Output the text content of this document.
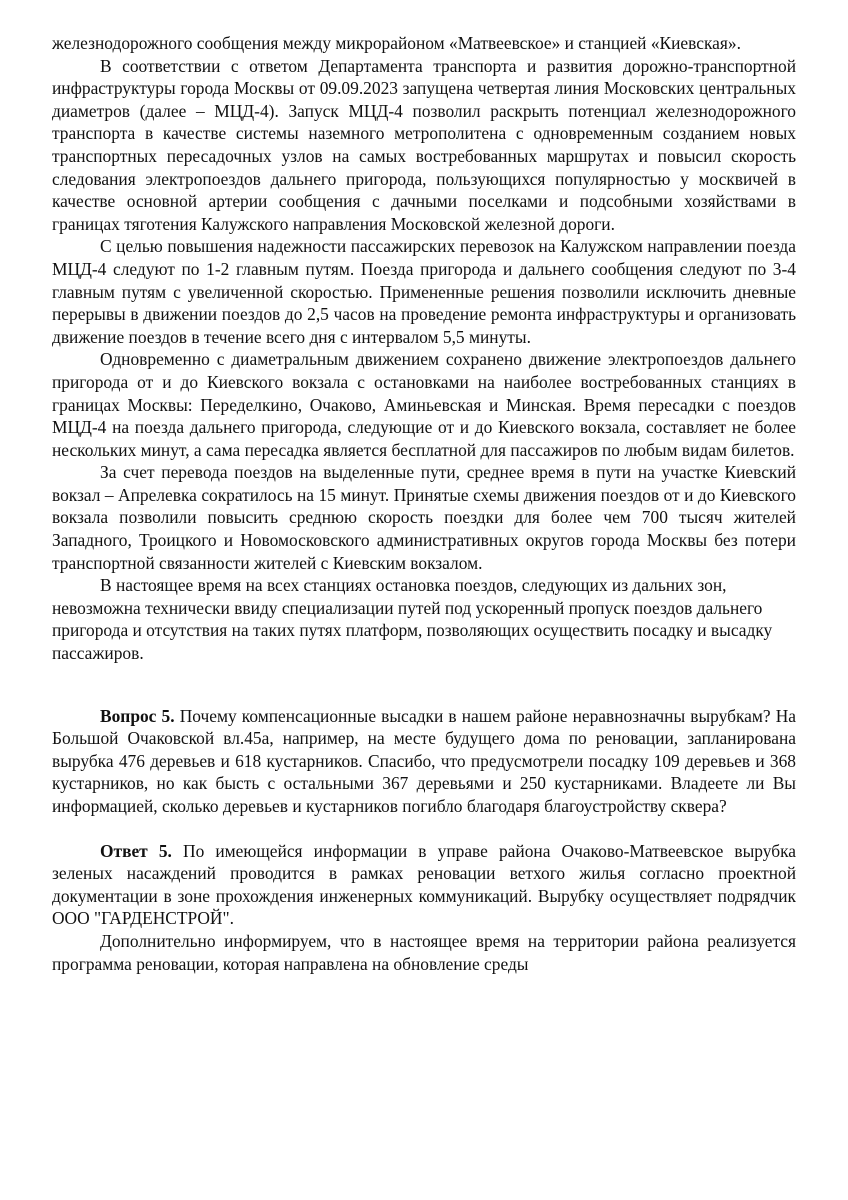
железнодорожного сообщения между микрорайоном «Матвеевское» и станцией «Киевская».

В соответствии с ответом Департамента транспорта и развития дорожно-транспортной инфраструктуры города Москвы от 09.09.2023 запущена четвертая линия Московских центральных диаметров (далее – МЦД-4). Запуск МЦД-4 позволил раскрыть потенциал железнодорожного транспорта в качестве системы наземного метрополитена с одновременным созданием новых транспортных пересадочных узлов на самых востребованных маршрутах и повысил скорость следования электропоездов дальнего пригорода, пользующихся популярностью у москвичей в качестве основной артерии сообщения с дачными поселками и подсобными хозяйствами в границах тяготения Калужского направления Московской железной дороги.

С целью повышения надежности пассажирских перевозок на Калужском направлении поезда МЦД-4 следуют по 1-2 главным путям. Поезда пригорода и дальнего сообщения следуют по 3-4 главным путям с увеличенной скоростью. Примененные решения позволили исключить дневные перерывы в движении поездов до 2,5 часов на проведение ремонта инфраструктуры и организовать движение поездов в течение всего дня с интервалом 5,5 минуты.

Одновременно с диаметральным движением сохранено движение электропоездов дальнего пригорода от и до Киевского вокзала с остановками на наиболее востребованных станциях в границах Москвы: Переделкино, Очаково, Аминьевская и Минская. Время пересадки с поездов МЦД-4 на поезда дальнего пригорода, следующие от и до Киевского вокзала, составляет не более нескольких минут, а сама пересадка является бесплатной для пассажиров по любым видам билетов.

За счет перевода поездов на выделенные пути, среднее время в пути на участке Киевский вокзал – Апрелевка сократилось на 15 минут. Принятые схемы движения поездов от и до Киевского вокзала позволили повысить среднюю скорость поездки для более чем 700 тысяч жителей Западного, Троицкого и Новомосковского административных округов города Москвы без потери транспортной связанности жителей с Киевским вокзалом.

В настоящее время на всех станциях остановка поездов, следующих из дальних зон, невозможна технически ввиду специализации путей под ускоренный пропуск поездов дальнего пригорода и отсутствия на таких путях платформ, позволяющих осуществить посадку и высадку пассажиров.

Вопрос 5. Почему компенсационные высадки в нашем районе неравнозначны вырубкам? На Большой Очаковской вл.45а, например, на месте будущего дома по реновации, запланирована вырубка 476 деревьев и 618 кустарников. Спасибо, что предусмотрели посадку 109 деревьев и 368 кустарников, но как бысть с остальными 367 деревьями и 250 кустарниками. Владеете ли Вы информацией, сколько деревьев и кустарников погибло благодаря благоустройству сквера?

Ответ 5. По имеющейся информации в управе района Очаково-Матвеевское вырубка зеленых насаждений проводится в рамках реновации ветхого жилья согласно проектной документации в зоне прохождения инженерных коммуникаций. Вырубку осуществляет подрядчик ООО "ГАРДЕНСТРОЙ".

Дополнительно информируем, что в настоящее время на территории района реализуется программа реновации, которая направлена на обновление среды
